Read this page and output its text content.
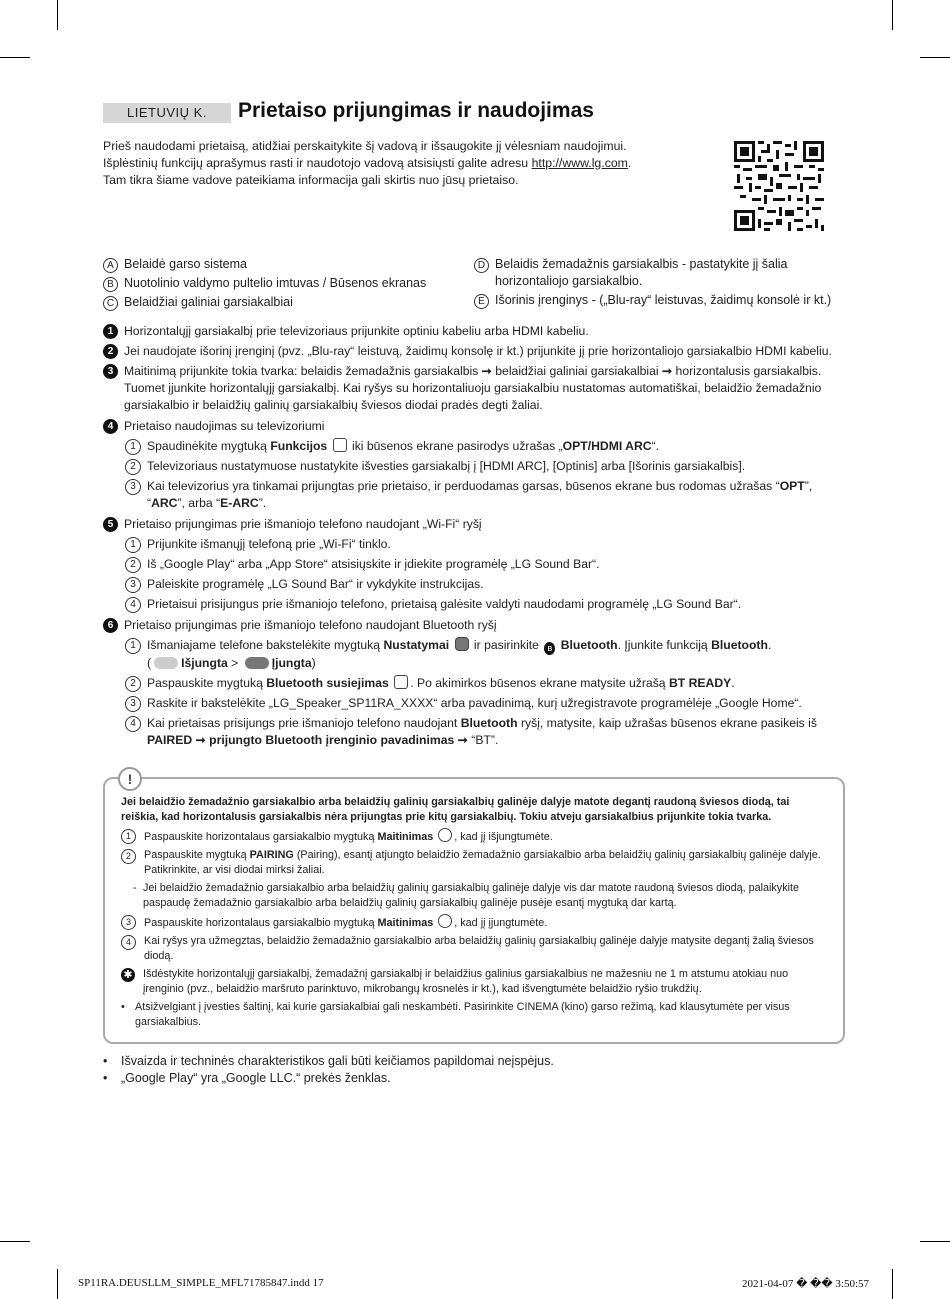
LIETUVIŲ K.	Prietaiso prijungimas ir naudojimas

Prieš naudodami prietaisą, atidžiai perskaitykite šį vadovą ir išsaugokite jį vėlesniam naudojimui.

Išplėstinių funkcijų aprašymus rasti ir naudotojo vadovą atsisiųsti galite adresu http://www.lg.com.

Tam tikra šiame vadove pateikiama informacija gali skirtis nuo jūsų prietaiso.

A Belaidė garso sistema
B Nuotolinio valdymo pultelio imtuvas / Būsenos ekranas
C Belaidžiai galiniai garsiakalbiai
D Belaidis žemadažnis garsiakalbis - pastatykite jį šalia horizontaliojo garsiakalbio.
E Išorinis įrenginys - („Blu-ray“ leistuvas, žaidimų konsolė ir kt.)
1 Horizontalųjį garsiakalbį prie televizoriaus prijunkite optiniu kabeliu arba HDMI kabeliu.
2 Jei naudojate išorinį įrenginį (pvz. „Blu-ray“ leistuvą, žaidimų konsolę ir kt.) prijunkite jį prie horizontaliojo garsiakalbio HDMI kabeliu.
3 Maitinimą prijunkite tokia tvarka: belaidis žemadažnis garsiakalbis ➞ belaidžiai galiniai garsiakalbiai ➞ horizontalusis garsiakalbis.
Tuomet įjunkite horizontalųjį garsiakalbį. Kai ryšys su horizontaliuoju garsiakalbiu nustatomas automatiškai, belaidžio žemadažnio garsiakalbio ir belaidžių galinių garsiakalbių šviesos diodai pradės degti žaliai.
4 Prietaiso naudojimas su televizoriumi
1 Spaudinėkite mygtuką Funkcijos  iki būsenos ekrane pasirodys užrašas „OPT/HDMI ARC“.
2 Televizoriaus nustatymuose nustatykite išvesties garsiakalbį į [HDMI ARC], [Optinis] arba [Išorinis garsiakalbis].
3 Kai televizorius yra tinkamai prijungtas prie prietaiso, ir perduodamas garsas, būsenos ekrane bus rodomas užrašas “OPT”, “ARC”, arba “E-ARC”.
5 Prietaiso prijungimas prie išmaniojo telefono naudojant „Wi-Fi“ ryšį
1 Prijunkite išmanųjį telefoną prie „Wi-Fi“ tinklo.
2 Iš „Google Play“ arba „App Store“ atsisiųskite ir įdiekite programėlę „LG Sound Bar“.
3 Paleiskite programėlę „LG Sound Bar“ ir vykdykite instrukcijas.
4 Prietaisui prisijungus prie išmaniojo telefono, prietaisą galėsite valdyti naudodami programėlę „LG Sound Bar“.
6 Prietaiso prijungimas prie išmaniojo telefono naudojant Bluetooth ryšį
1 Išmaniajame telefone bakstelėkite mygtuką Nustatymai  ir pasirinkite ʙ Bluetooth. Įjunkite funkciją Bluetooth.
( Išjungta > Įjungta)
2 Paspauskite mygtuką Bluetooth susiejimas . Po akimirkos būsenos ekrane matysite užrašą BT READY.
3 Raskite ir bakstelėkite „LG_Speaker_SP11RA_XXXX“ arba pavadinimą, kurį užregistravote programėlėje „Google Home“.
4 Kai prietaisas prisijungs prie išmaniojo telefono naudojant Bluetooth ryšį, matysite, kaip užrašas būsenos ekrane pasikeis iš
PAIRED ➞ prijungto Bluetooth įrenginio pavadinimas ➞ “BT”.
!
Jei belaidžio žemadažnio garsiakalbio arba belaidžių galinių garsiakalbių galinėje dalyje matote degantį raudoną šviesos diodą, tai reiškia, kad horizontalusis garsiakalbis nėra prijungtas prie kitų garsiakalbių. Tokiu atveju garsiakalbius prijunkite tokia tvarka.
1	Paspauskite horizontalaus garsiakalbio mygtuką Maitinimas , kad jį išjungtumėte.
2	Paspauskite mygtuką PAIRING (Pairing), esantį atjungto belaidžio žemadažnio garsiakalbio arba belaidžių galinių garsiakalbių galinėje dalyje. Patikrinkite, ar visi diodai mirksi žaliai.
- Jei belaidžio žemadažnio garsiakalbio arba belaidžių galinių garsiakalbių galinėje dalyje vis dar matote raudoną šviesos diodą, palaikykite paspaudę žemadažnio garsiakalbio arba belaidžių galinių garsiakalbių galinėje pusėje esantį mygtuką dar kartą.
3	Paspauskite horizontalaus garsiakalbio mygtuką Maitinimas , kad jį įjungtumėte.
4	Kai ryšys yra užmegztas, belaidžio žemadažnio garsiakalbio arba belaidžių galinių garsiakalbių galinėje dalyje matysite degantį žalią šviesos diodą.
✱ Išdėstykite horizontalųjį garsiakalbį, žemadažnį garsiakalbį ir belaidžius galinius garsiakalbius ne mažesniu ne 1 m atstumu atokiau nuo įrenginio (pvz., belaidžio maršruto parinktuvo, mikrobangų krosnelės ir kt.), kad išvengtumėte belaidžio ryšio trukdžių.
• Atsižvelgiant į įvesties šaltinį, kai kurie garsiakalbiai gali neskambėti. Pasirinkite CINEMA (kino) garso režimą, kad klausytumėte per visus garsiakalbius.
•	Išvaizda ir techninės charakteristikos gali būti keičiamos papildomai neįspėjus.
•	„Google Play“ yra „Google LLC.“ prekės ženklas.
SP11RA.DEUSLLM_SIMPLE_MFL71785847.indd 17	2021-04-07 � �� 3:50:57
